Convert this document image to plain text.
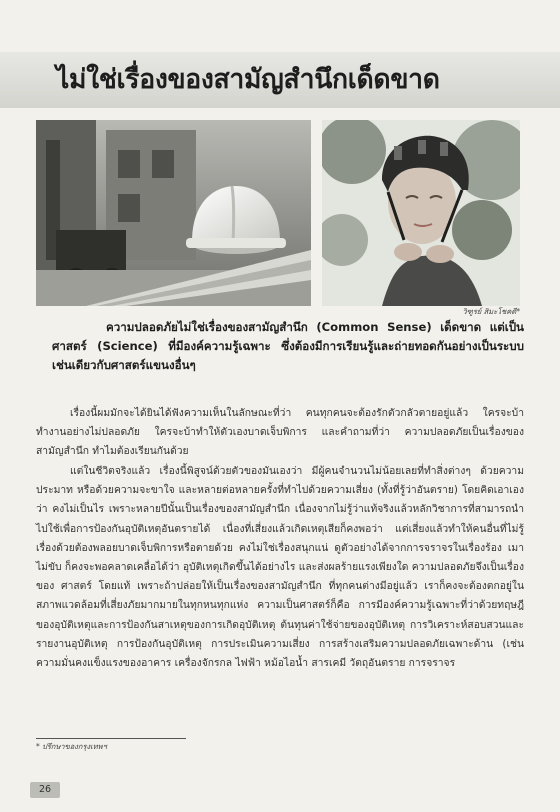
ไม่ใช่เรื่องของสามัญสำนึกเด็ดขาด
วิฑูรย์ สิมะโชคดี*
ความปลอดภัยไม่ใช่เรื่องของสามัญสำนึก (Common Sense) เด็ดขาด แต่เป็นศาสตร์ (Science) ที่มีองค์ความรู้เฉพาะ ซึ่งต้องมีการเรียนรู้และถ่ายทอดกันอย่างเป็นระบบเช่นเดียวกับศาสตร์แขนงอื่นๆ
เรื่องนี้ผมมักจะได้ยินได้ฟังความเห็นในลักษณะที่ว่า คนทุกคนจะต้องรักตัวกลัวตายอยู่แล้ว ใครจะบ้าทำงานอย่างไม่ปลอดภัย ใครจะบ้าทำให้ตัวเองบาดเจ็บพิการ และคำถามที่ว่า ความปลอดภัยเป็นเรื่องของสามัญสำนึก ทำไมต้องเรียนกันด้วย
แต่ในชีวิตจริงแล้ว เรื่องนี้พิสูจน์ด้วยตัวของมันเองว่า มีผู้คนจำนวนไม่น้อยเลยที่ทำสิ่งต่างๆ ด้วยความประมาท หรือด้วยความจะขาใจ และหลายต่อหลายครั้งที่ทำไปด้วยความเสี่ยง (ทั้งที่รู้ว่าอันตราย) โดยคิดเอาเองว่า คงไม่เป็นไร เพราะหลายปีนั้นเป็นเรื่องของสามัญสำนึก เนื่องจากไม่รู้ว่าแท้จริงแล้วหลักวิชาการที่สามารถนำไปใช้เพื่อการป้องกันอุบัติเหตุอันตรายได้ เนื่องที่เสี่ยงแล้วเกิดเหตุเสียก็คงพอว่า แต่เสี่ยงแล้วทำให้คนอื่นที่ไม่รู้เรื่องด้วยต้องพลอยบาดเจ็บพิการหรือตายด้วย คงไม่ใช่เรื่องสนุกแน่ ดูตัวอย่างได้จากการจราจรในเรื่องร้อง เมาไม่ขับ ก็คงจะพอคลาดเคลื่อได้ว่า อุบัติเหตุเกิดขึ้นได้อย่างไร และส่งผลร้ายแรงเพียงใด ความปลอดภัยจึงเป็นเรื่องของ ศาสตร์ โดยแท้ เพราะถ้าปล่อยให้เป็นเรื่องของสามัญสำนึก ที่ทุกคนต่างมีอยู่แล้ว เราก็คงจะต้องตกอยู่ในสภาพแวดล้อมที่เสี่ยงภัยมากมายในทุกหนทุกแห่ง ความเป็นศาสตร์ก็คือ การมีองค์ความรู้เฉพาะที่ว่าด้วยทฤษฎีของอุบัติเหตุและการป้องกันสาเหตุของการเกิดอุบัติเหตุ ต้นทุนค่าใช้จ่ายของอุบัติเหตุ การวิเคราะห์สอบสวนและรายงานอุบัติเหตุ การป้องกันอุบัติเหตุ การประเมินความเสี่ยง การสร้างเสริมความปลอดภัยเฉพาะด้าน (เช่น ความมั่นคงแข็งแรงของอาคาร เครื่องจักรกล ไฟฟ้า หม้อไอน้ำ สารเคมี วัตถุอันตราย การจราจร
* ปรึกษาของกรุงเทพฯ
26
